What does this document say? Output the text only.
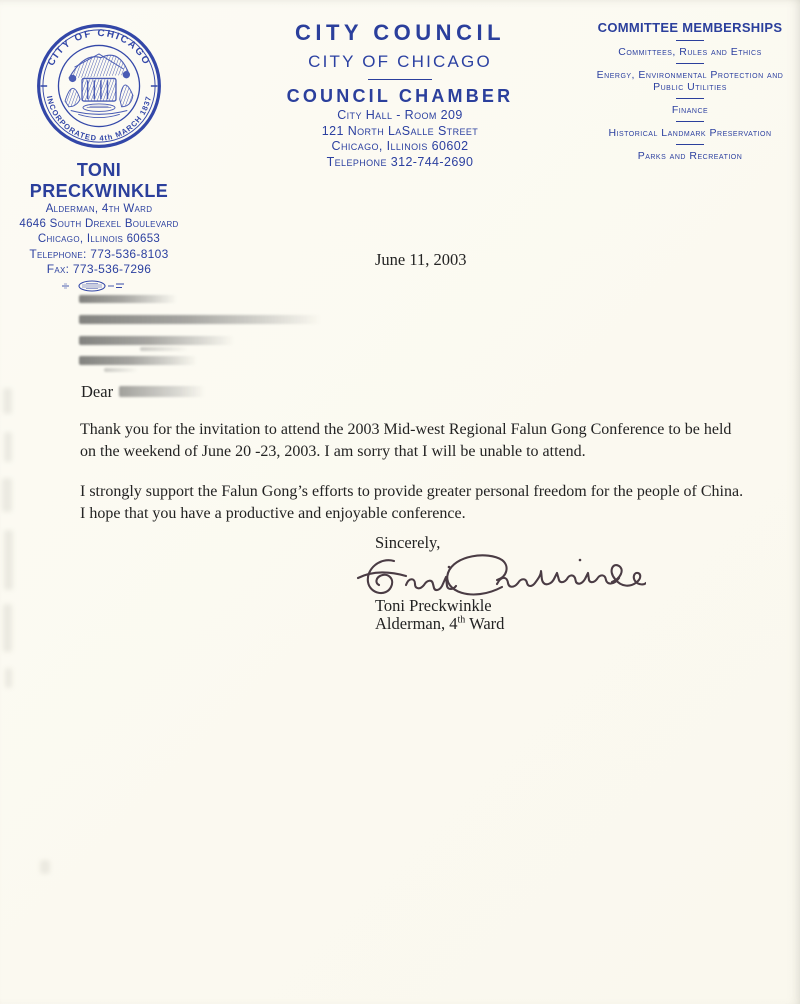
CITY OF CHICAGO
INCORPORATED 4th MARCH 1837
TONI PRECKWINKLE
Alderman, 4th Ward
4646 South Drexel Boulevard
Chicago, Illinois 60653
Telephone: 773-536-8103
Fax: 773-536-7296
CITY COUNCIL
CITY OF CHICAGO
COUNCIL CHAMBER
City Hall - Room 209
121 North LaSalle Street
Chicago, Illinois 60602
Telephone 312-744-2690
COMMITTEE MEMBERSHIPS
Committees, Rules and Ethics
Energy, Environmental Protection and Public Utilities
Finance
Historical Landmark Preservation
Parks and Recreation
June 11, 2003
Dear

Thank you for the invitation to attend the 2003 Mid-west Regional Falun Gong Conference to be held on the weekend of June 20 -23, 2003. I am sorry that I will be unable to attend.

I strongly support the Falun Gong’s efforts to provide greater personal freedom for the people of China. I hope that you have a productive and enjoyable conference.

Sincerely,
Toni Preckwinkle
Alderman, 4th Ward
